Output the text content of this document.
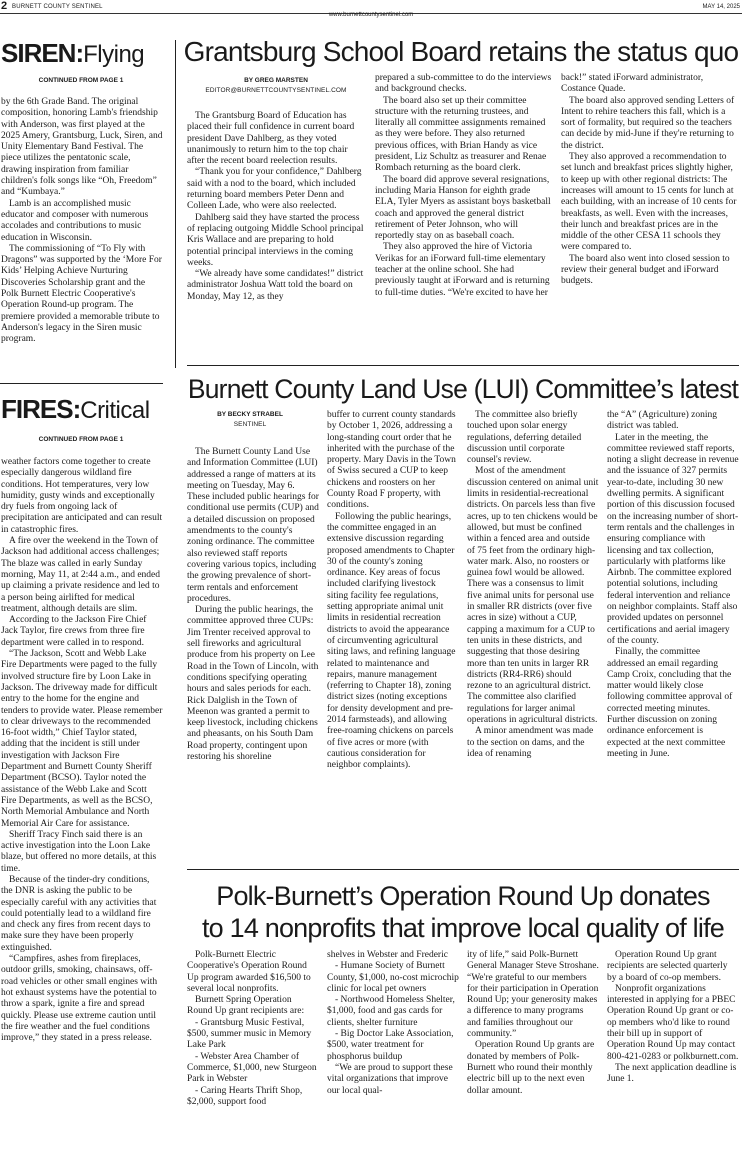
2 BURNETT COUNTY SENTINEL
www.burnettcountysentinel.com
MAY 14, 2025
SIREN:Flying
CONTINUED FROM PAGE 1

by the 6th Grade Band. The original composition, honoring Lamb's friendship with Anderson, was first played at the 2025 Amery, Grantsburg, Luck, Siren, and Unity Elementary Band Festival. The piece utilizes the pentatonic scale, drawing inspiration from familiar children's folk songs like “Oh, Freedom” and “Kumbaya.”

Lamb is an accomplished music educator and composer with numerous accolades and contributions to music education in Wisconsin.

The commissioning of “To Fly with Dragons” was supported by the ‘More For Kids’ Helping Achieve Nurturing Discoveries Scholarship grant and the Polk Burnett Electric Cooperative's Operation Round-up program. The premiere provided a memorable tribute to Anderson's legacy in the Siren music program.

FIRES:Critical
CONTINUED FROM PAGE 1

weather factors come together to create especially dangerous wildland fire conditions. Hot temperatures, very low humidity, gusty winds and exceptionally dry fuels from ongoing lack of precipitation are anticipated and can result in catastrophic fires.

A fire over the weekend in the Town of Jackson had additional access challenges; The blaze was called in early Sunday morning, May 11, at 2:44 a.m., and ended up claiming a private residence and led to a person being airlifted for medical treatment, although details are slim.

According to the Jackson Fire Chief Jack Taylor, fire crews from three fire department were called in to respond.

“The Jackson, Scott and Webb Lake Fire Departments were paged to the fully involved structure fire by Loon Lake in Jackson. The driveway made for difficult entry to the home for the engine and tenders to provide water. Please remember to clear driveways to the recommended 16-foot width,” Chief Taylor stated, adding that the incident is still under investigation with Jackson Fire Department and Burnett County Sheriff Department (BCSO). Taylor noted the assistance of the Webb Lake and Scott Fire Departments, as well as the BCSO, North Memorial Ambulance and North Memorial Air Care for assistance.

Sheriff Tracy Finch said there is an active investigation into the Loon Lake blaze, but offered no more details, at this time.

Because of the tinder-dry conditions, the DNR is asking the public to be especially careful with any activities that could potentially lead to a wildland fire and check any fires from recent days to make sure they have been properly extinguished.

“Campfires, ashes from fireplaces, outdoor grills, smoking, chainsaws, off-road vehicles or other small engines with hot exhaust systems have the potential to throw a spark, ignite a fire and spread quickly. Please use extreme caution until the fire weather and the fuel conditions improve,” they stated in a press release.

Grantsburg School Board retains the status quo
BY GREG MARSTEN
EDITOR@BURNETTCOUNTYSENTINEL.COM

The Grantsburg Board of Education has placed their full confidence in current board president Dave Dahlberg, as they voted unanimously to return him to the top chair after the recent board reelection results.

“Thank you for your confidence,” Dahlberg said with a nod to the board, which included returning board members Peter Denn and Colleen Lade, who were also reelected.

Dahlberg said they have started the process of replacing outgoing Middle School principal Kris Wallace and are preparing to hold potential principal interviews in the coming weeks.

“We already have some candidates!” district administrator Joshua Watt told the board on Monday, May 12, as they

prepared a sub-committee to do the interviews and background checks.

The board also set up their committee structure with the returning trustees, and literally all committee assignments remained as they were before. They also returned previous offices, with Brian Handy as vice president, Liz Schultz as treasurer and Renae Rombach returning as the board clerk.

The board did approve several resignations, including Maria Hanson for eighth grade ELA, Tyler Myers as assistant boys basketball coach and approved the general district retirement of Peter Johnson, who will reportedly stay on as baseball coach.

They also approved the hire of Victoria Verikas for an iForward full-time elementary teacher at the online school. She had previously taught at iForward and is returning to full-time duties. “We're excited to have her

back!” stated iForward administrator, Costance Quade.

The board also approved sending Letters of Intent to rehire teachers this fall, which is a sort of formality, but required so the teachers can decide by mid-June if they're returning to the district.

They also approved a recommendation to set lunch and breakfast prices slightly higher, to keep up with other regional districts: The increases will amount to 15 cents for lunch at each building, with an increase of 10 cents for breakfasts, as well. Even with the increases, their lunch and breakfast prices are in the middle of the other CESA 11 schools they were compared to.

The board also went into closed session to review their general budget and iForward budgets.

Burnett County Land Use (LUI) Committee’s latest
BY BECKY STRABEL
SENTINEL

The Burnett County Land Use and Information Committee (LUI) addressed a range of matters at its meeting on Tuesday, May 6. These included public hearings for conditional use permits (CUP) and a detailed discussion on proposed amendments to the county's zoning ordinance. The committee also reviewed staff reports covering various topics, including the growing prevalence of short-term rentals and enforcement procedures.

During the public hearings, the committee approved three CUPs: Jim Trenter received approval to sell fireworks and agricultural produce from his property on Lee Road in the Town of Lincoln, with conditions specifying operating hours and sales periods for each. Rick Dalglish in the Town of Meenon was granted a permit to keep livestock, including chickens and pheasants, on his South Dam Road property, contingent upon restoring his shoreline

buffer to current county standards by October 1, 2026, addressing a long-standing court order that he inherited with the purchase of the property. Mary Davis in the Town of Swiss secured a CUP to keep chickens and roosters on her County Road F property, with conditions.

Following the public hearings, the committee engaged in an extensive discussion regarding proposed amendments to Chapter 30 of the county's zoning ordinance. Key areas of focus included clarifying livestock siting facility fee regulations, setting appropriate animal unit limits in residential recreation districts to avoid the appearance of circumventing agricultural siting laws, and refining language related to maintenance and repairs, manure management (referring to Chapter 18), zoning district sizes (noting exceptions for density development and pre-2014 farmsteads), and allowing free-roaming chickens on parcels of five acres or more (with cautious consideration for neighbor complaints).

The committee also briefly touched upon solar energy regulations, deferring detailed discussion until corporate counsel's review.

Most of the amendment discussion centered on animal unit limits in residential-recreational districts. On parcels less than five acres, up to ten chickens would be allowed, but must be confined within a fenced area and outside of 75 feet from the ordinary high-water mark. Also, no roosters or guinea fowl would be allowed. There was a consensus to limit five animal units for personal use in smaller RR districts (over five acres in size) without a CUP, capping a maximum for a CUP to ten units in these districts, and suggesting that those desiring more than ten units in larger RR districts (RR4-RR6) should rezone to an agricultural district. The committee also clarified regulations for larger animal operations in agricultural districts.

A minor amendment was made to the section on dams, and the idea of renaming

the “A” (Agriculture) zoning district was tabled.

Later in the meeting, the committee reviewed staff reports, noting a slight decrease in revenue and the issuance of 327 permits year-to-date, including 30 new dwelling permits. A significant portion of this discussion focused on the increasing number of short-term rentals and the challenges in ensuring compliance with licensing and tax collection, particularly with platforms like Airbnb. The committee explored potential solutions, including federal intervention and reliance on neighbor complaints. Staff also provided updates on personnel certifications and aerial imagery of the county.

Finally, the committee addressed an email regarding Camp Croix, concluding that the matter would likely close following committee approval of corrected meeting minutes. Further discussion on zoning ordinance enforcement is expected at the next committee meeting in June.

Polk-Burnett’s Operation Round Up donates
to 14 nonprofits that improve local quality of life

Polk-Burnett Electric Cooperative's Operation Round Up program awarded $16,500 to several local nonprofits.

Burnett Spring Operation Round Up grant recipients are:

- Grantsburg Music Festival, $500, summer music in Memory Lake Park

- Webster Area Chamber of Commerce, $1,000, new Sturgeon Park in Webster

- Caring Hearts Thrift Shop, $2,000, support food

shelves in Webster and Frederic

- Humane Society of Burnett County, $1,000, no-cost microchip clinic for local pet owners

- Northwood Homeless Shelter, $1,000, food and gas cards for clients, shelter furniture

- Big Doctor Lake Association, $500, water treatment for phosphorus buildup

“We are proud to support these vital organizations that improve our local qual-

ity of life,” said Polk-Burnett General Manager Steve Stroshane. “We're grateful to our members for their participation in Operation Round Up; your generosity makes a difference to many programs and families throughout our community.”

Operation Round Up grants are donated by members of Polk-Burnett who round their monthly electric bill up to the next even dollar amount.

Operation Round Up grant recipients are selected quarterly by a board of co-op members.

Nonprofit organizations interested in applying for a PBEC Operation Round Up grant or co-op members who'd like to round their bill up in support of Operation Round Up may contact 800-421-0283 or polkburnett.com.

The next application deadline is June 1.
